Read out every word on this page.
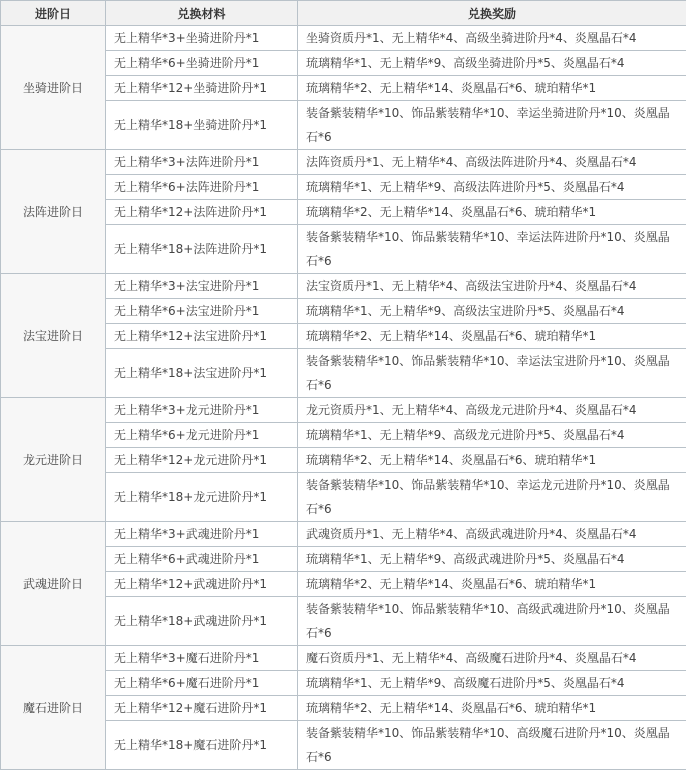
进阶日	兑换材料	兑换奖励
坐骑进阶日	无上精华*3+坐骑进阶丹*1	坐骑资质丹*1、无上精华*4、高级坐骑进阶丹*4、炎凰晶石*4
	无上精华*6+坐骑进阶丹*1	琉璃精华*1、无上精华*9、高级坐骑进阶丹*5、炎凰晶石*4
	无上精华*12+坐骑进阶丹*1	琉璃精华*2、无上精华*14、炎凰晶石*6、琥珀精华*1
	无上精华*18+坐骑进阶丹*1	装备紫装精华*10、饰品紫装精华*10、幸运坐骑进阶丹*10、炎凰晶石*6
法阵进阶日	无上精华*3+法阵进阶丹*1	法阵资质丹*1、无上精华*4、高级法阵进阶丹*4、炎凰晶石*4
	无上精华*6+法阵进阶丹*1	琉璃精华*1、无上精华*9、高级法阵进阶丹*5、炎凰晶石*4
	无上精华*12+法阵进阶丹*1	琉璃精华*2、无上精华*14、炎凰晶石*6、琥珀精华*1
	无上精华*18+法阵进阶丹*1	装备紫装精华*10、饰品紫装精华*10、幸运法阵进阶丹*10、炎凰晶石*6
法宝进阶日	无上精华*3+法宝进阶丹*1	法宝资质丹*1、无上精华*4、高级法宝进阶丹*4、炎凰晶石*4
	无上精华*6+法宝进阶丹*1	琉璃精华*1、无上精华*9、高级法宝进阶丹*5、炎凰晶石*4
	无上精华*12+法宝进阶丹*1	琉璃精华*2、无上精华*14、炎凰晶石*6、琥珀精华*1
	无上精华*18+法宝进阶丹*1	装备紫装精华*10、饰品紫装精华*10、幸运法宝进阶丹*10、炎凰晶石*6
龙元进阶日	无上精华*3+龙元进阶丹*1	龙元资质丹*1、无上精华*4、高级龙元进阶丹*4、炎凰晶石*4
	无上精华*6+龙元进阶丹*1	琉璃精华*1、无上精华*9、高级龙元进阶丹*5、炎凰晶石*4
	无上精华*12+龙元进阶丹*1	琉璃精华*2、无上精华*14、炎凰晶石*6、琥珀精华*1
	无上精华*18+龙元进阶丹*1	装备紫装精华*10、饰品紫装精华*10、幸运龙元进阶丹*10、炎凰晶石*6
武魂进阶日	无上精华*3+武魂进阶丹*1	武魂资质丹*1、无上精华*4、高级武魂进阶丹*4、炎凰晶石*4
	无上精华*6+武魂进阶丹*1	琉璃精华*1、无上精华*9、高级武魂进阶丹*5、炎凰晶石*4
	无上精华*12+武魂进阶丹*1	琉璃精华*2、无上精华*14、炎凰晶石*6、琥珀精华*1
	无上精华*18+武魂进阶丹*1	装备紫装精华*10、饰品紫装精华*10、高级武魂进阶丹*10、炎凰晶石*6
魔石进阶日	无上精华*3+魔石进阶丹*1	魔石资质丹*1、无上精华*4、高级魔石进阶丹*4、炎凰晶石*4
	无上精华*6+魔石进阶丹*1	琉璃精华*1、无上精华*9、高级魔石进阶丹*5、炎凰晶石*4
	无上精华*12+魔石进阶丹*1	琉璃精华*2、无上精华*14、炎凰晶石*6、琥珀精华*1
	无上精华*18+魔石进阶丹*1	装备紫装精华*10、饰品紫装精华*10、高级魔石进阶丹*10、炎凰晶石*6
